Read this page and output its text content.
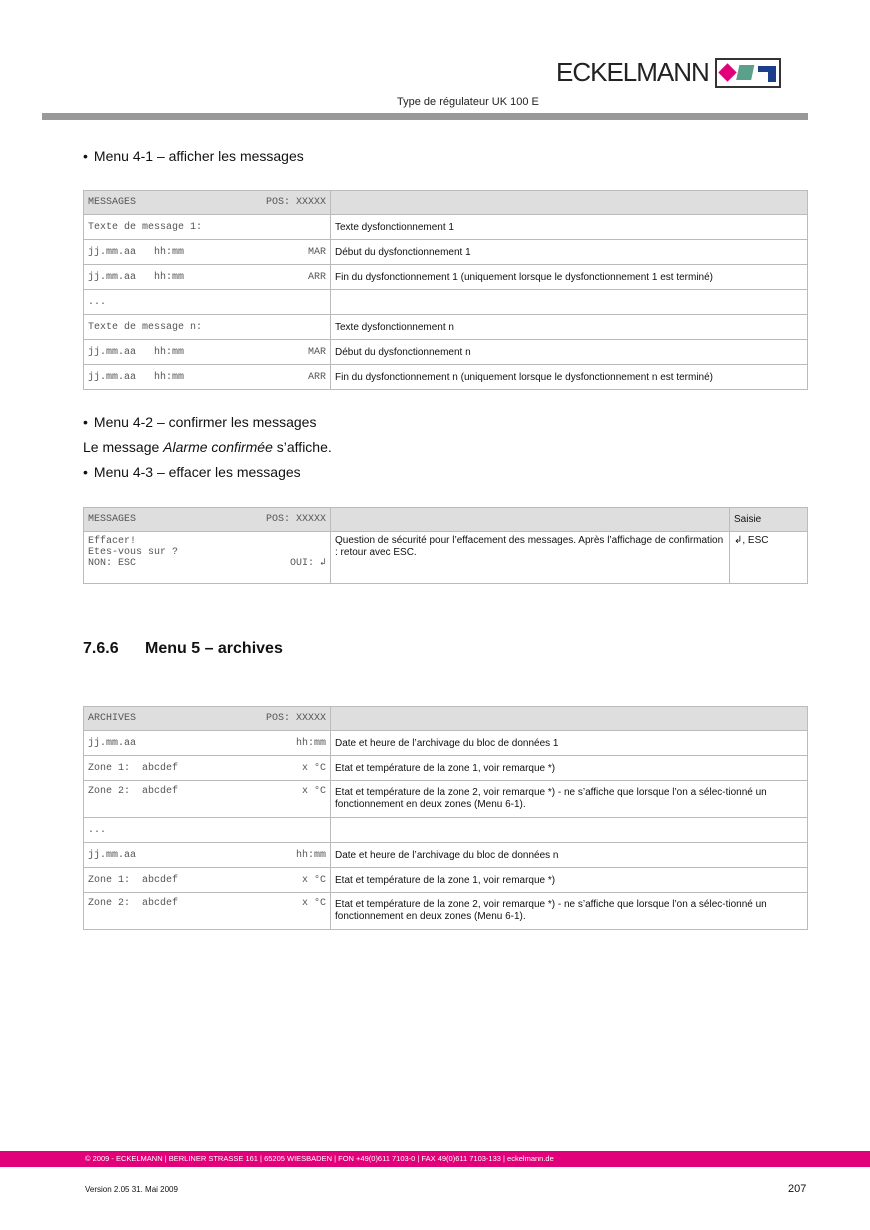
ECKELMANN
Type de régulateur UK 100 E
• Menu 4-1 – afficher les messages
MESSAGES POS: XXXXX	

Texte de message 1:	Texte dysfonctionnement 1

jj.mm.aa   hh:mm MAR	Début du dysfonctionnement 1

jj.mm.aa   hh:mm ARR	Fin du dysfonctionnement 1 (uniquement lorsque le dysfonctionnement 1 est terminé)

...	

Texte de message n:	Texte dysfonctionnement n

jj.mm.aa   hh:mm MAR	Début du dysfonctionnement n

jj.mm.aa   hh:mm ARR	Fin du dysfonctionnement n (uniquement lorsque le dysfonctionnement n est terminé)
• Menu 4-2 – confirmer les messages
Le message Alarme confirmée s’affiche.
• Menu 4-3 – effacer les messages
MESSAGES POS: XXXXX		Saisie

Effacer!
Etes-vous sur ?
NON: ESC OUI: ↲	Question de sécurité pour l’effacement des messages. Après l’affichage de confirmation : retour avec ESC.	↲, ESC
7.6.6 Menu 5 – archives
ARCHIVES POS: XXXXX	

jj.mm.aa hh:mm	Date et heure de l’archivage du bloc de données 1

Zone 1:  abcdef x °C	Etat et température de la zone 1, voir remarque *)

Zone 2:  abcdef x °C	Etat et température de la zone 2, voir remarque *) - ne s’affiche que lorsque l’on a sélec-tionné un fonctionnement en deux zones (Menu 6-1).

...	

jj.mm.aa hh:mm	Date et heure de l’archivage du bloc de données n

Zone 1:  abcdef x °C	Etat et température de la zone 1, voir remarque *)

Zone 2:  abcdef x °C	Etat et température de la zone 2, voir remarque *) - ne s’affiche que lorsque l’on a sélec-tionné un fonctionnement en deux zones (Menu 6-1).
© 2009 - ECKELMANN | BERLINER STRASSE 161 | 65205 WIESBADEN | FON +49(0)611 7103-0 | FAX 49(0)611 7103-133 | eckelmann.de
Version 2.05 31. Mai 2009	207
